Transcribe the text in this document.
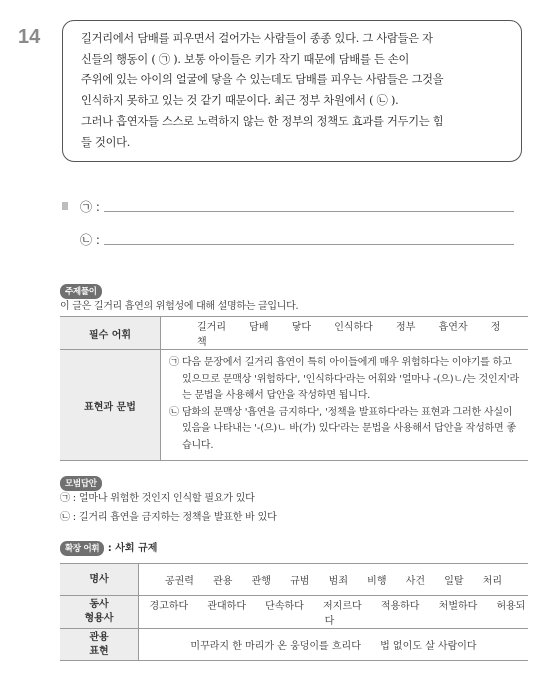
14	길거리에서 담배를 피우면서 걸어가는 사람들이 종종 있다. 그 사람들은 자

신들의 행동이 ( ㉠ ). 보통 아이들은 키가 작기 때문에 담배를 든 손이

주위에 있는 아이의 얼굴에 닿을 수 있는데도 담배를 피우는 사람들은 그것을

인식하지 못하고 있는 것 같기 때문이다. 최근 정부 차원에서 ( ㉡ ).

그러나 흡연자들 스스로 노력하지 않는 한 정부의 정책도 효과를 거두기는 힘

들 것이다.

㉠ :
㉡ :
주제풀이
이 글은 길거리 흡연의 위험성에 대해 설명하는 글입니다.
필수 어휘	길거리 담배 닿다 인식하다 정부 흡연자 정책
표현과 문법	㉠ 다음 문장에서 길거리 흡연이 특히 아이들에게 매우 위험하다는 이야기를 하고 있으므로 문맥상 '위험하다', '인식하다'라는 어휘와 '얼마나 -(으)ㄴ/는 것인지'라는 문법을 사용해서 답안을 작성하면 됩니다.
㉡ 담화의 문맥상 '흡연을 금지하다', '정책을 발표하다'라는 표현과 그러한 사실이 있음을 나타내는 '-(으)ㄴ 바(가) 있다'라는 문법을 사용해서 답안을 작성하면 좋습니다.
모범답안
㉠ : 얼마나 위험한 것인지 인식할 필요가 있다
㉡ : 길거리 흡연을 금지하는 정책을 발표한 바 있다
확장 어휘 : 사회 규제
명사	공권력 관용 관행 규범 범죄 비행 사건 일탈 처리
동사
형용사	경고하다 관대하다 단속하다 저지르다 적용하다 처벌하다 허용되다
관용
표현	미꾸라지 한 마리가 온 웅덩이를 흐리다 법 없이도 살 사람이다
